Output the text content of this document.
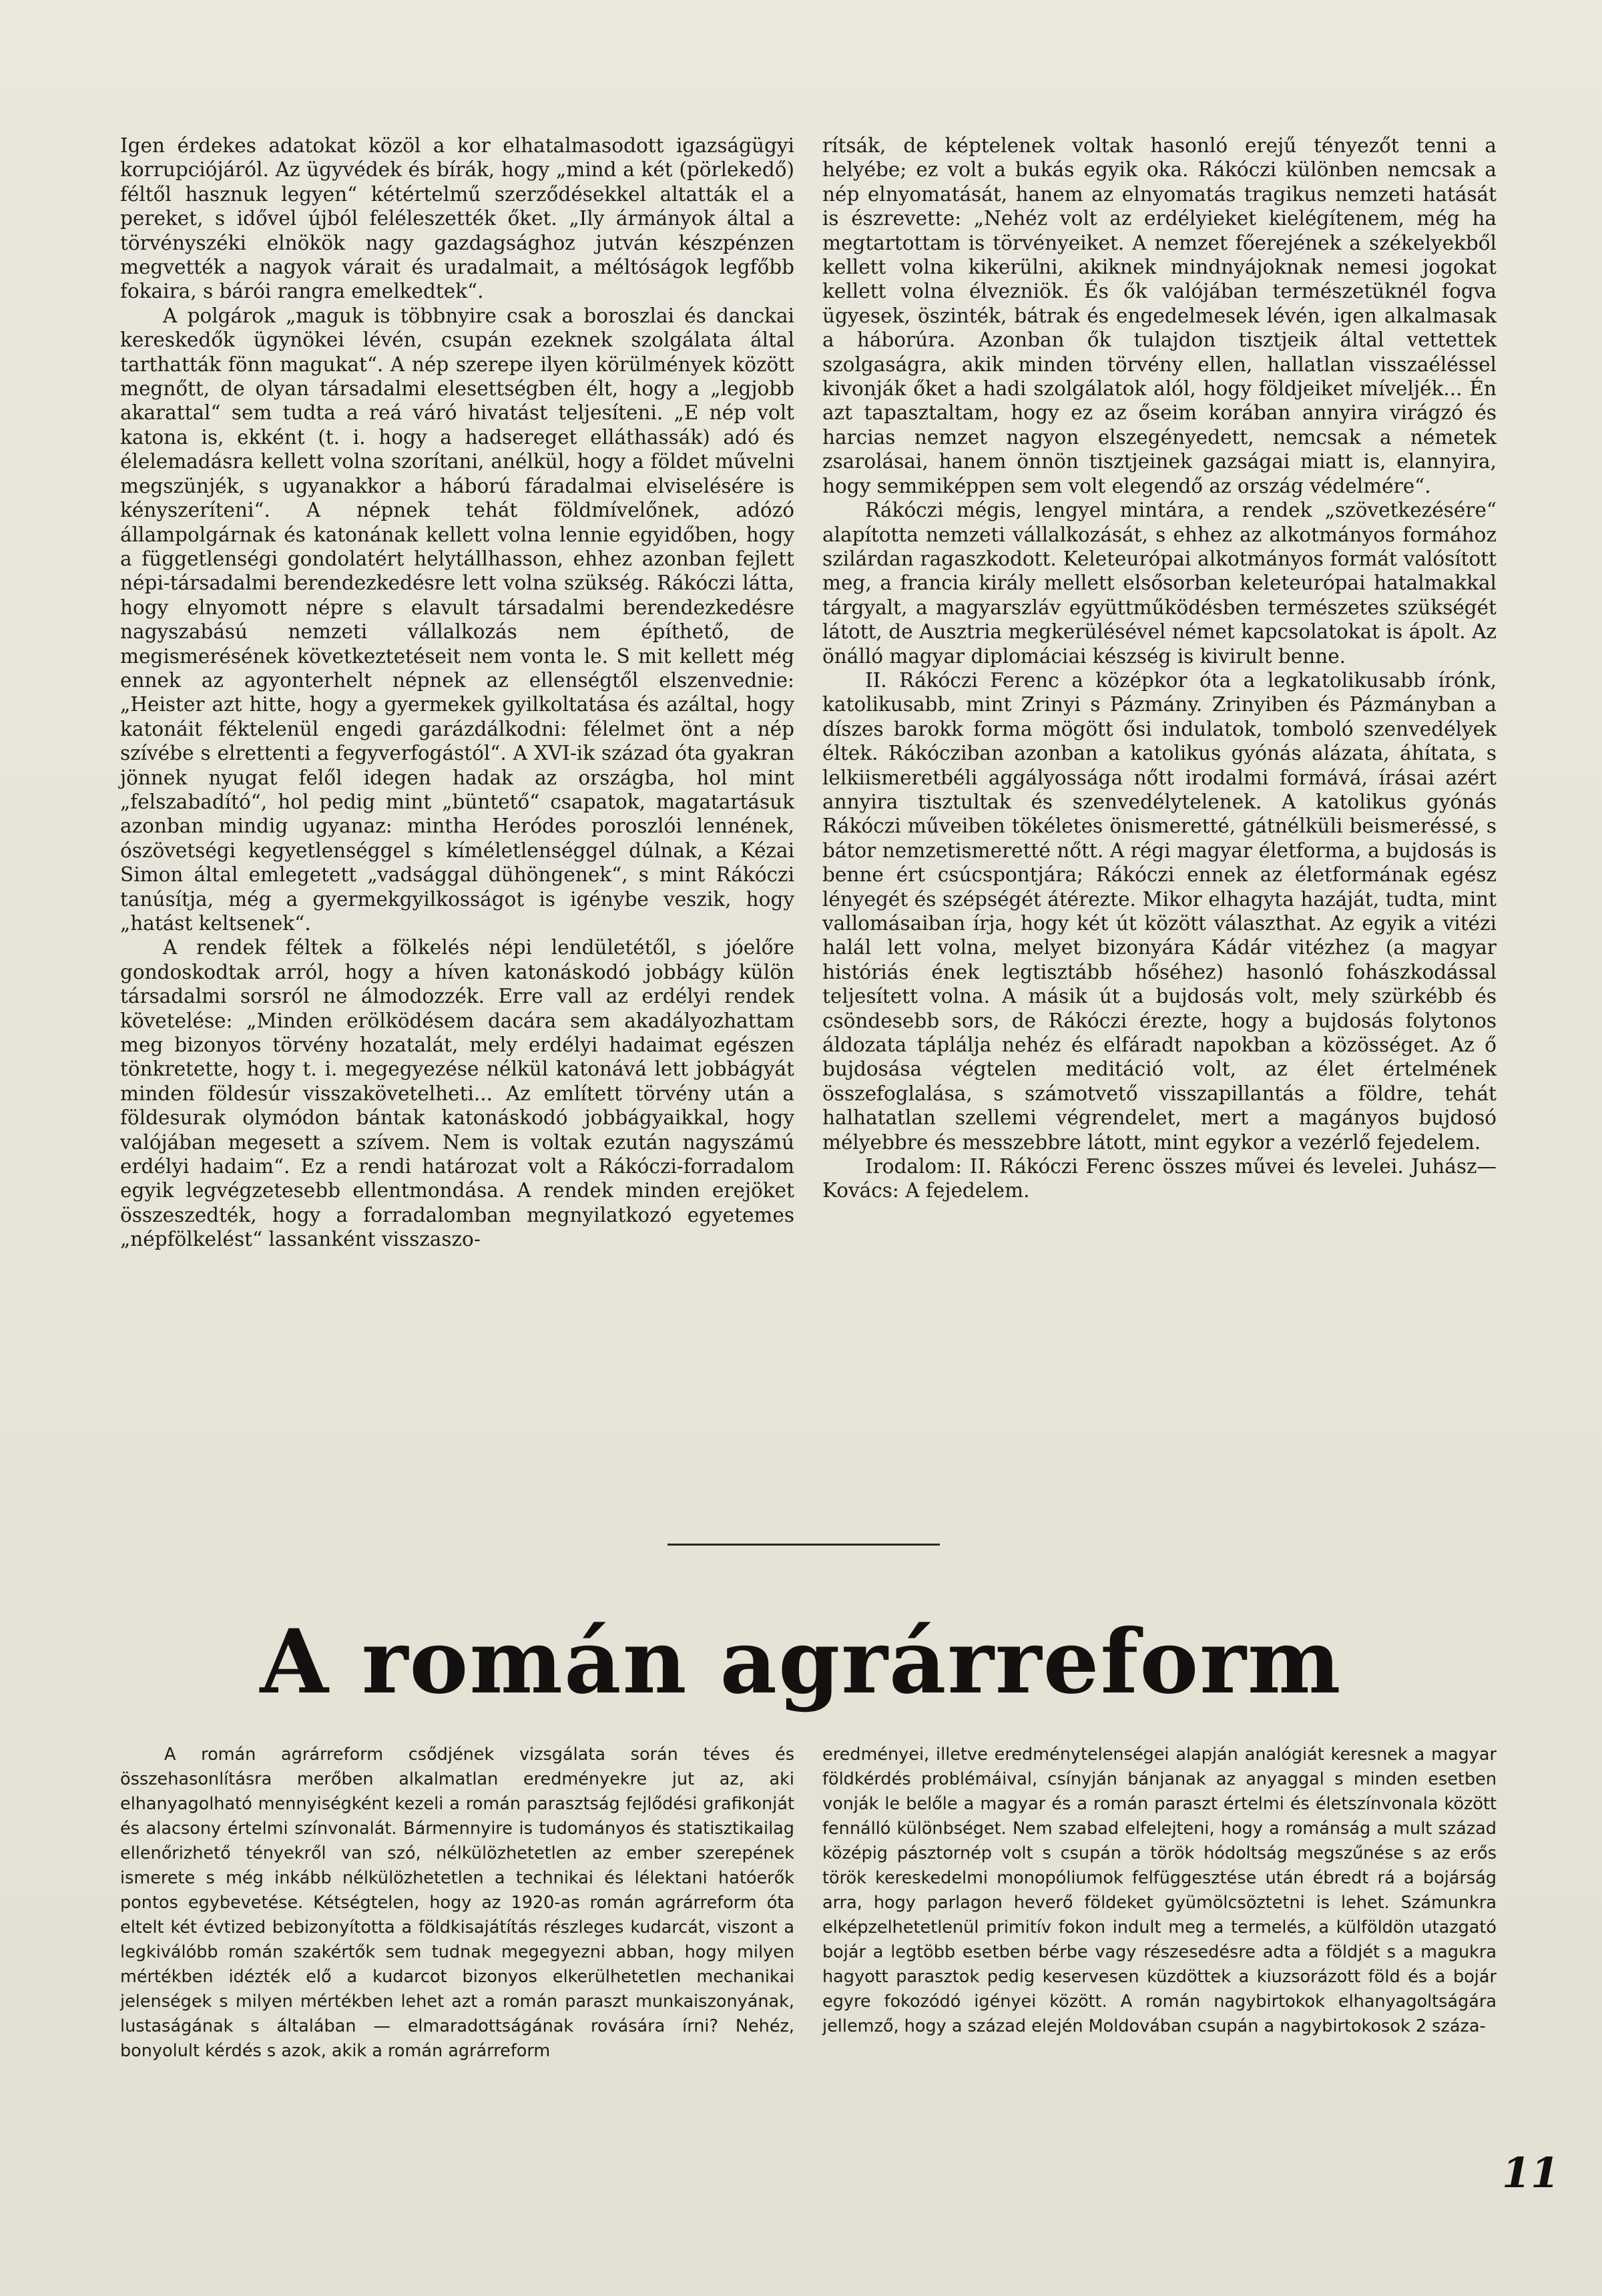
Igen érdekes adatokat közöl a kor elhatalmasodott igazságügyi korrupciójáról. Az ügyvédek és bírák, hogy „mind a két (pörlekedő) féltől hasznuk legyen“ kétértelmű szerződésekkel altatták el a pereket, s idővel újból feléleszették őket. „Ily ármányok által a törvényszéki elnökök nagy gazdagsághoz jutván készpénzen megvették a nagyok várait és uradalmait, a méltóságok legfőbb fokaira, s bárói rangra emelkedtek“.

A polgárok „maguk is többnyire csak a boroszlai és danckai kereskedők ügynökei lévén, csupán ezeknek szolgálata által tarthatták fönn magukat“. A nép szerepe ilyen körülmények között megnőtt, de olyan társadalmi elesettségben élt, hogy a „legjobb akarattal“ sem tudta a reá váró hivatást teljesíteni. „E nép volt katona is, ekként (t. i. hogy a hadsereget elláthassák) adó és élelemadásra kellett volna szorítani, anélkül, hogy a földet művelni megszünjék, s ugyanakkor a háború fáradalmai elviselésére is kényszeríteni“. A népnek tehát földmívelőnek, adózó állampolgárnak és katonának kellett volna lennie egyidőben, hogy a függetlenségi gondolatért helytállhasson, ehhez azonban fejlett népi-társadalmi berendezkedésre lett volna szükség. Rákóczi látta, hogy elnyomott népre s elavult társadalmi berendezkedésre nagyszabású nemzeti vállalkozás nem építhető, de megismerésének következtetéseit nem vonta le. S mit kellett még ennek az agyonterhelt népnek az ellenségtől elszenvednie: „Heister azt hitte, hogy a gyermekek gyilkoltatása és azáltal, hogy katonáit féktelenül engedi garázdálkodni: félelmet önt a nép szívébe s elrettenti a fegyverfogástól“. A XVI-ik század óta gyakran jönnek nyugat felől idegen hadak az országba, hol mint „felszabadító“, hol pedig mint „büntető“ csapatok, magatartásuk azonban mindig ugyanaz: mintha Heródes poroszlói lennének, ószövetségi kegyetlenséggel s kíméletlenséggel dúlnak, a Kézai Simon által emlegetett „vadsággal dühöngenek“, s mint Rákóczi tanúsítja, még a gyermekgyilkosságot is igénybe veszik, hogy „hatást keltsenek“.

A rendek féltek a fölkelés népi lendületétől, s jóelőre gondoskodtak arról, hogy a híven katonáskodó jobbágy külön társadalmi sorsról ne álmodozzék. Erre vall az erdélyi rendek követelése: „Minden erölködésem dacára sem akadályozhattam meg bizonyos törvény hozatalát, mely erdélyi hadaimat egészen tönkretette, hogy t. i. megegyezése nélkül katonává lett jobbágyát minden földesúr visszakövetelheti... Az említett törvény után a földesurak olymódon bántak katonáskodó jobbágyaikkal, hogy valójában megesett a szívem. Nem is voltak ezután nagyszámú erdélyi hadaim“. Ez a rendi határozat volt a Rákóczi-forradalom egyik legvégzetesebb ellentmondása. A rendek minden erejöket összeszedték, hogy a forradalomban megnyilatkozó egyetemes „népfölkelést“ lassanként visszaszo-

rítsák, de képtelenek voltak hasonló erejű tényezőt tenni a helyébe; ez volt a bukás egyik oka. Rákóczi különben nemcsak a nép elnyomatását, hanem az elnyomatás tragikus nemzeti hatását is észrevette: „Nehéz volt az erdélyieket kielégítenem, még ha megtartottam is törvényeiket. A nemzet főerejének a székelyekből kellett volna kikerülni, akiknek mindnyájoknak nemesi jogokat kellett volna élvezniök. És ők valójában természetüknél fogva ügyesek, öszinték, bátrak és engedelmesek lévén, igen alkalmasak a háborúra. Azonban ők tulajdon tisztjeik által vettettek szolgaságra, akik minden törvény ellen, hallatlan visszaéléssel kivonják őket a hadi szolgálatok alól, hogy földjeiket míveljék... Én azt tapasztaltam, hogy ez az őseim korában annyira virágzó és harcias nemzet nagyon elszegényedett, nemcsak a németek zsarolásai, hanem önnön tisztjeinek gazságai miatt is, elannyira, hogy semmiképpen sem volt elegendő az ország védelmére“.

Rákóczi mégis, lengyel mintára, a rendek „szövetkezésére“ alapította nemzeti vállalkozását, s ehhez az alkotmányos formához szilárdan ragaszkodott. Keleteurópai alkotmányos formát valósított meg, a francia király mellett elsősorban keleteurópai hatalmakkal tárgyalt, a magyarszláv együttműködésben természetes szükségét látott, de Ausztria megkerülésével német kapcsolatokat is ápolt. Az önálló magyar diplomáciai készség is kivirult benne.

II. Rákóczi Ferenc a középkor óta a legkatolikusabb írónk, katolikusabb, mint Zrinyi s Pázmány. Zrinyiben és Pázmányban a díszes barokk forma mögött ősi indulatok, tomboló szenvedélyek éltek. Rákócziban azonban a katolikus gyónás alázata, áhítata, s lelkiismeretbéli aggályossága nőtt irodalmi formává, írásai azért annyira tisztultak és szenvedélytelenek. A katolikus gyónás Rákóczi műveiben tökéletes önismeretté, gátnélküli beismeréssé, s bátor nemzetismeretté nőtt. A régi magyar életforma, a bujdosás is benne ért csúcspontjára; Rákóczi ennek az életformának egész lényegét és szépségét átérezte. Mikor elhagyta hazáját, tudta, mint vallomásaiban írja, hogy két út között választhat. Az egyik a vitézi halál lett volna, melyet bizonyára Kádár vitézhez (a magyar históriás ének legtisztább hőséhez) hasonló fohászkodással teljesített volna. A másik út a bujdosás volt, mely szürkébb és csöndesebb sors, de Rákóczi érezte, hogy a bujdosás folytonos áldozata táplálja nehéz és elfáradt napokban a közösséget. Az ő bujdosása végtelen meditáció volt, az élet értelmének összefoglalása, s számotvető visszapillantás a földre, tehát halhatatlan szellemi végrendelet, mert a magányos bujdosó mélyebbre és messzebbre látott, mint egykor a vezérlő fejedelem.

Irodalom: II. Rákóczi Ferenc összes művei és levelei. Juhász—Kovács: A fejedelem.

A román agrárreform

A román agrárreform csődjének vizsgálata során téves és összehasonlításra merőben alkalmatlan eredményekre jut az, aki elhanyagolható mennyiségként kezeli a román parasztság fejlődési grafikonját és alacsony értelmi színvonalát. Bármennyire is tudományos és statisztikailag ellenőrizhető tényekről van szó, nélkülözhetetlen az ember szerepének ismerete s még inkább nélkülözhetetlen a technikai és lélektani hatóerők pontos egybevetése. Kétségtelen, hogy az 1920-as román agrárreform óta eltelt két évtized bebizonyította a földkisajátítás részleges kudarcát, viszont a legkiválóbb román szakértők sem tudnak megegyezni abban, hogy milyen mértékben idézték elő a kudarcot bizonyos elkerülhetetlen mechanikai jelenségek s milyen mértékben lehet azt a román paraszt munkaiszonyának, lustaságának s általában — elmaradottságának rovására írni? Nehéz, bonyolult kérdés s azok, akik a román agrárreform

eredményei, illetve eredménytelenségei alapján analógiát keresnek a magyar földkérdés problémáival, csínyján bánjanak az anyaggal s minden esetben vonják le belőle a magyar és a román paraszt értelmi és életszínvonala között fennálló különbséget. Nem szabad elfelejteni, hogy a románság a mult század középig pásztornép volt s csupán a török hódoltság megszűnése s az erős török kereskedelmi monopóliumok felfüggesztése után ébredt rá a bojárság arra, hogy parlagon heverő földeket gyümölcsöztetni is lehet. Számunkra elképzelhetetlenül primitív fokon indult meg a termelés, a külföldön utazgató bojár a legtöbb esetben bérbe vagy részesedésre adta a földjét s a magukra hagyott parasztok pedig keservesen küzdöttek a kiuzsorázott föld és a bojár egyre fokozódó igényei között. A román nagybirtokok elhanyagoltságára jellemző, hogy a század elején Moldovában csupán a nagybirtokosok 2 száza-

11
